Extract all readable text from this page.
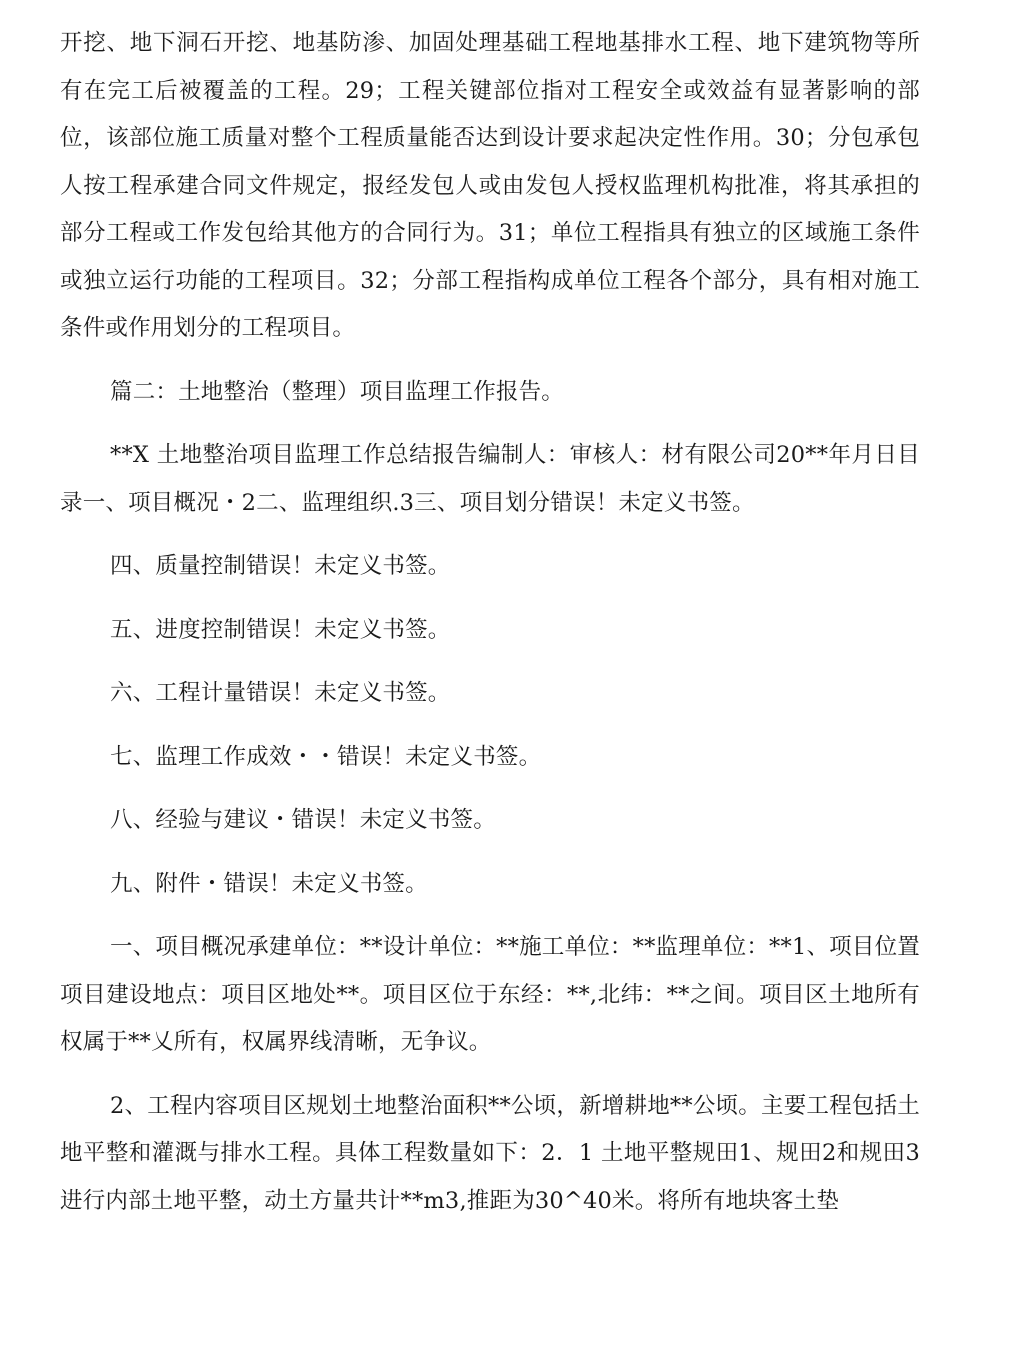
开挖、地下洞石开挖、地基防渗、加固处理基础工程地基排水工程、地下建筑物等所有在完工后被覆盖的工程。29；工程关键部位指对工程安全或效益有显著影响的部位，该部位施工质量对整个工程质量能否达到设计要求起决定性作用。30；分包承包人按工程承建合同文件规定，报经发包人或由发包人授权监理机构批准，将其承担的部分工程或工作发包给其他方的合同行为。31；单位工程指具有独立的区域施工条件或独立运行功能的工程项目。32；分部工程指构成单位工程各个部分，具有相对施工条件或作用划分的工程项目。

篇二：土地整治（整理）项目监理工作报告。

**X 土地整治项目监理工作总结报告编制人：审核人：材有限公司20**年月日目录一、项目概况・2二、监理组织.3三、项目划分错误！未定义书签。

四、质量控制错误！未定义书签。

五、进度控制错误！未定义书签。

六、工程计量错误！未定义书签。

七、监理工作成效・・错误！未定义书签。

八、经验与建议・错误！未定义书签。

九、附件・错误！未定义书签。

一、项目概况承建单位：**设计单位：**施工单位：**监理单位：**1、项目位置项目建设地点：项目区地处**。项目区位于东经：**,北纬：**之间。项目区土地所有权属于**乂所有，权属界线清晰，无争议。

2、工程内容项目区规划土地整治面积**公顷，新增耕地**公顷。主要工程包括土地平整和灌溉与排水工程。具体工程数量如下：2．1 土地平整规田1、规田2和规田3进行内部土地平整，动土方量共计**m3,推距为30^40米。将所有地块客土垫
